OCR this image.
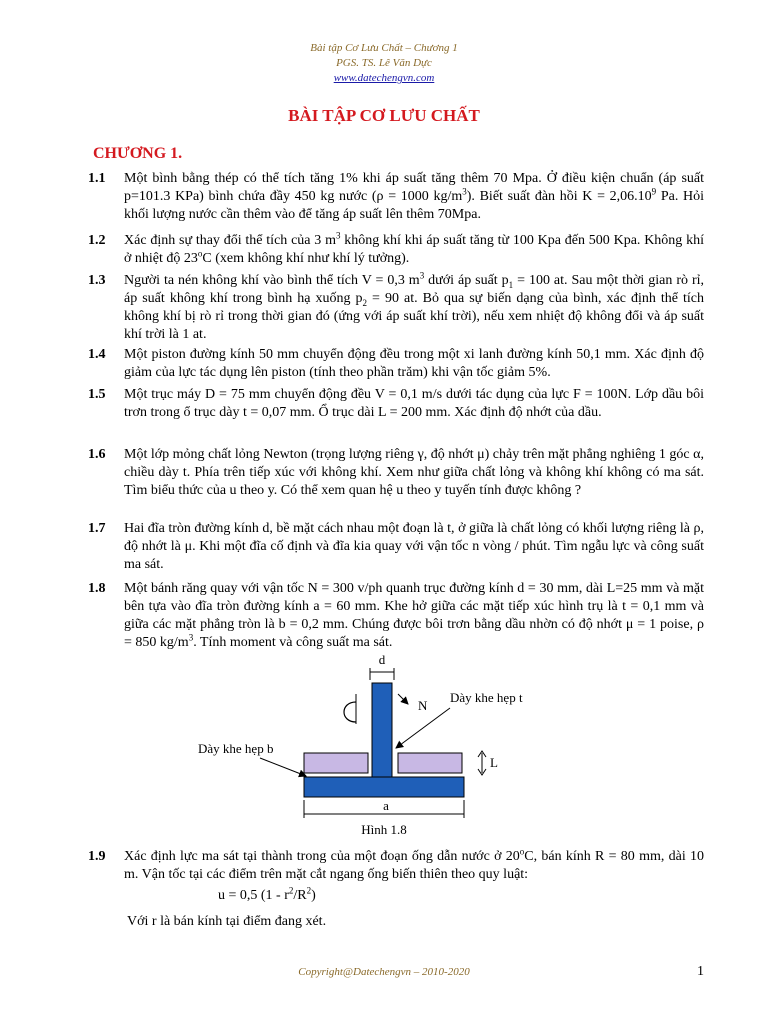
Bài tập Cơ Lưu Chất – Chương 1
PGS. TS. Lê Văn Dực
www.datechengvn.com
BÀI TẬP CƠ LƯU CHẤT
CHƯƠNG 1.
1.1 Một bình bằng thép có thể tích tăng 1% khi áp suất tăng thêm 70 Mpa. Ở điều kiện chuẩn (áp suất p=101.3 KPa) bình chứa đầy 450 kg nước (ρ = 1000 $kg/m^3$). Biết suất đàn hồi $K = 2,06.10^9$ Pa. Hỏi khối lượng nước cần thêm vào để tăng áp suất lên thêm 70Mpa.
1.2 Xác định sự thay đổi thể tích của 3 $m^3$ không khí khi áp suất tăng từ 100 Kpa đến 500 Kpa. Không khí ở nhiệt độ 23$^o$C (xem không khí như khí lý tưởng).
1.3 Người ta nén không khí vào bình thể tích V = 0,3 $m^3$ dưới áp suất $p_1 = 100$ at. Sau một thời gian rò rỉ, áp suất không khí trong bình hạ xuống $p_2 = 90$ at. Bỏ qua sự biến dạng của bình, xác định thể tích không khí bị rò rỉ trong thời gian đó (ứng với áp suất khí trời), nếu xem nhiệt độ không đổi và áp suất khí trời là 1 at.
1.4 Một piston đường kính 50 mm chuyển động đều trong một xi lanh đường kính 50,1 mm. Xác định độ giảm của lực tác dụng lên piston (tính theo phần trăm) khi vận tốc giảm 5%.
1.5 Một trục máy D = 75 mm chuyển động đều V = 0,1 m/s dưới tác dụng của lực F = 100N. Lớp dầu bôi trơn trong ổ trục dày t = 0,07 mm. Ổ trục dài L = 200 mm. Xác định độ nhớt của dầu.
1.6 Một lớp mỏng chất lỏng Newton (trọng lượng riêng γ, độ nhớt μ) chảy trên mặt phẳng nghiêng 1 góc α, chiều dày t. Phía trên tiếp xúc với không khí. Xem như giữa chất lỏng và không khí không có ma sát. Tìm biểu thức của u theo y. Có thể xem quan hệ u theo y tuyến tính được không ?
1.7 Hai đĩa tròn đường kính d, bề mặt cách nhau một đoạn là t, ở giữa là chất lỏng có khối lượng riêng là ρ, độ nhớt là μ. Khi một đĩa cố định và đĩa kia quay với vận tốc n vòng / phút. Tìm ngẫu lực và công suất ma sát.
1.8 Một bánh răng quay với vận tốc N = 300 v/ph quanh trục đường kính d = 30 mm, dài L=25 mm và mặt bên tựa vào đĩa tròn đường kính a = 60 mm. Khe hở giữa các mặt tiếp xúc hình trụ là t = 0,1 mm và giữa các mặt phẳng tròn là b = 0,2 mm. Chúng được bôi trơn bằng dầu nhờn có độ nhớt μ = 1 poise, ρ = 850 $kg/m^3$. Tính moment và công suất ma sát.
d
N
Dày khe hẹp t
Dày khe hẹp b
L
a
Hình 1.8
1.9 Xác định lực ma sát tại thành trong của một đoạn ống dẫn nước ở 20$^o$C, bán kính R = 80 mm, dài 10 m. Vận tốc tại các điểm trên mặt cắt ngang ống biến thiên theo quy luật:
u = 0,5 $(1 - r^2/R^2)$
Với r là bán kính tại điểm đang xét.
Copyright@Datechengvn – 2010-2020	1
